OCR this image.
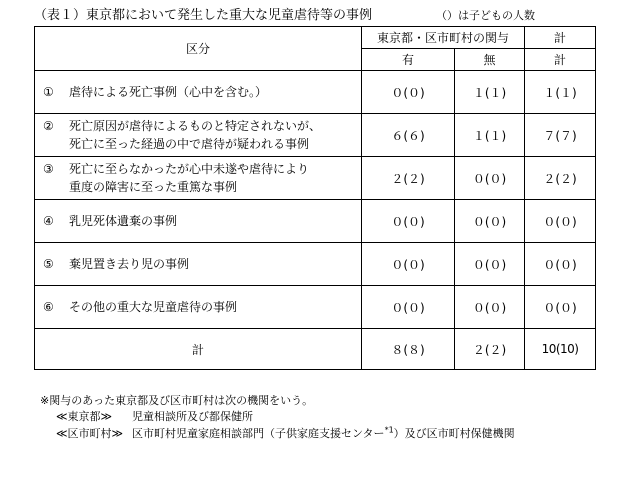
（表１）東京都において発生した重大な児童虐待等の事例	（）は子どもの人数
区分	東京都・区市町村の関与		計
	有	無	計
① 虐待による死亡事例（心中を含む。）	０(０)	１(１)	１(１)
② 死亡原因が虐待によるものと特定されないが、
死亡に至った経過の中で虐待が疑われる事例	６(６)	１(１)	７(７)
③ 死亡に至らなかったが心中未遂や虐待により
重度の障害に至った重篤な事例	２(２)	０(０)	２(２)
④ 乳児死体遺棄の事例	０(０)	０(０)	０(０)
⑤ 棄児置き去り児の事例	０(０)	０(０)	０(０)
⑥ その他の重大な児童虐待の事例	０(０)	０(０)	０(０)
計	８(８)	２(２)	10(10)
※関与のあった東京都及び区市町村は次の機関をいう。
≪東京都≫ 児童相談所及び都保健所
≪区市町村≫ 区市町村児童家庭相談部門（子供家庭支援センター$^{*1}$）及び区市町村保健機関
